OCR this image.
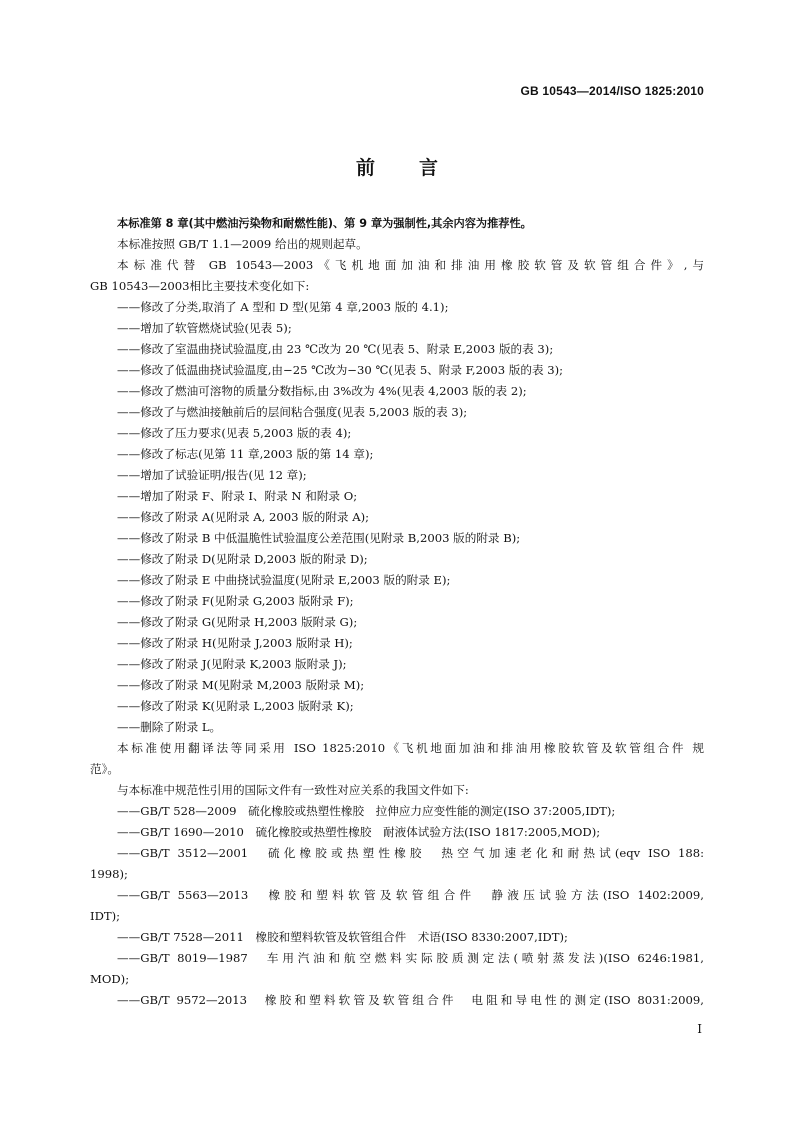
GB 10543—2014/ISO 1825:2010
前 言

本标准第 8 章(其中燃油污染物和耐燃性能)、第 9 章为强制性,其余内容为推荐性。

本标准按照 GB/T 1.1—2009 给出的规则起草。

本标准代替 GB 10543—2003《飞机地面加油和排油用橡胶软管及软管组合件》,与

GB 10543—2003相比主要技术变化如下:

——修改了分类,取消了 A 型和 D 型(见第 4 章,2003 版的 4.1);

——增加了软管燃烧试验(见表 5);

——修改了室温曲挠试验温度,由 23 ℃改为 20 ℃(见表 5、附录 E,2003 版的表 3);

——修改了低温曲挠试验温度,由−25 ℃改为−30 ℃(见表 5、附录 F,2003 版的表 3);

——修改了燃油可溶物的质量分数指标,由 3%改为 4%(见表 4,2003 版的表 2);

——修改了与燃油接触前后的层间粘合强度(见表 5,2003 版的表 3);

——修改了压力要求(见表 5,2003 版的表 4);

——修改了标志(见第 11 章,2003 版的第 14 章);

——增加了试验证明/报告(见 12 章);

——增加了附录 F、附录 I、附录 N 和附录 O;

——修改了附录 A(见附录 A, 2003 版的附录 A);

——修改了附录 B 中低温脆性试验温度公差范围(见附录 B,2003 版的附录 B);

——修改了附录 D(见附录 D,2003 版的附录 D);

——修改了附录 E 中曲挠试验温度(见附录 E,2003 版的附录 E);

——修改了附录 F(见附录 G,2003 版附录 F);

——修改了附录 G(见附录 H,2003 版附录 G);

——修改了附录 H(见附录 J,2003 版附录 H);

——修改了附录 J(见附录 K,2003 版附录 J);

——修改了附录 M(见附录 M,2003 版附录 M);

——修改了附录 K(见附录 L,2003 版附录 K);

——删除了附录 L。

本标准使用翻译法等同采用 ISO 1825:2010《飞机地面加油和排油用橡胶软管及软管组合件 规

范》。

与本标准中规范性引用的国际文件有一致性对应关系的我国文件如下:

——GB/T 528—2009　硫化橡胶或热塑性橡胶　拉伸应力应变性能的测定(ISO 37:2005,IDT);

——GB/T 1690—2010　硫化橡胶或热塑性橡胶　耐液体试验方法(ISO 1817:2005,MOD);

——GB/T 3512—2001　硫化橡胶或热塑性橡胶　热空气加速老化和耐热试(eqv ISO 188:

1998);

——GB/T 5563—2013　橡胶和塑料软管及软管组合件　静液压试验方法(ISO 1402:2009,

IDT);

——GB/T 7528—2011　橡胶和塑料软管及软管组合件　术语(ISO 8330:2007,IDT);

——GB/T 8019—1987　车用汽油和航空燃料实际胶质测定法(喷射蒸发法)(ISO 6246:1981,

MOD);

——GB/T 9572—2013　橡胶和塑料软管及软管组合件　电阻和导电性的测定(ISO 8031:2009,

I
